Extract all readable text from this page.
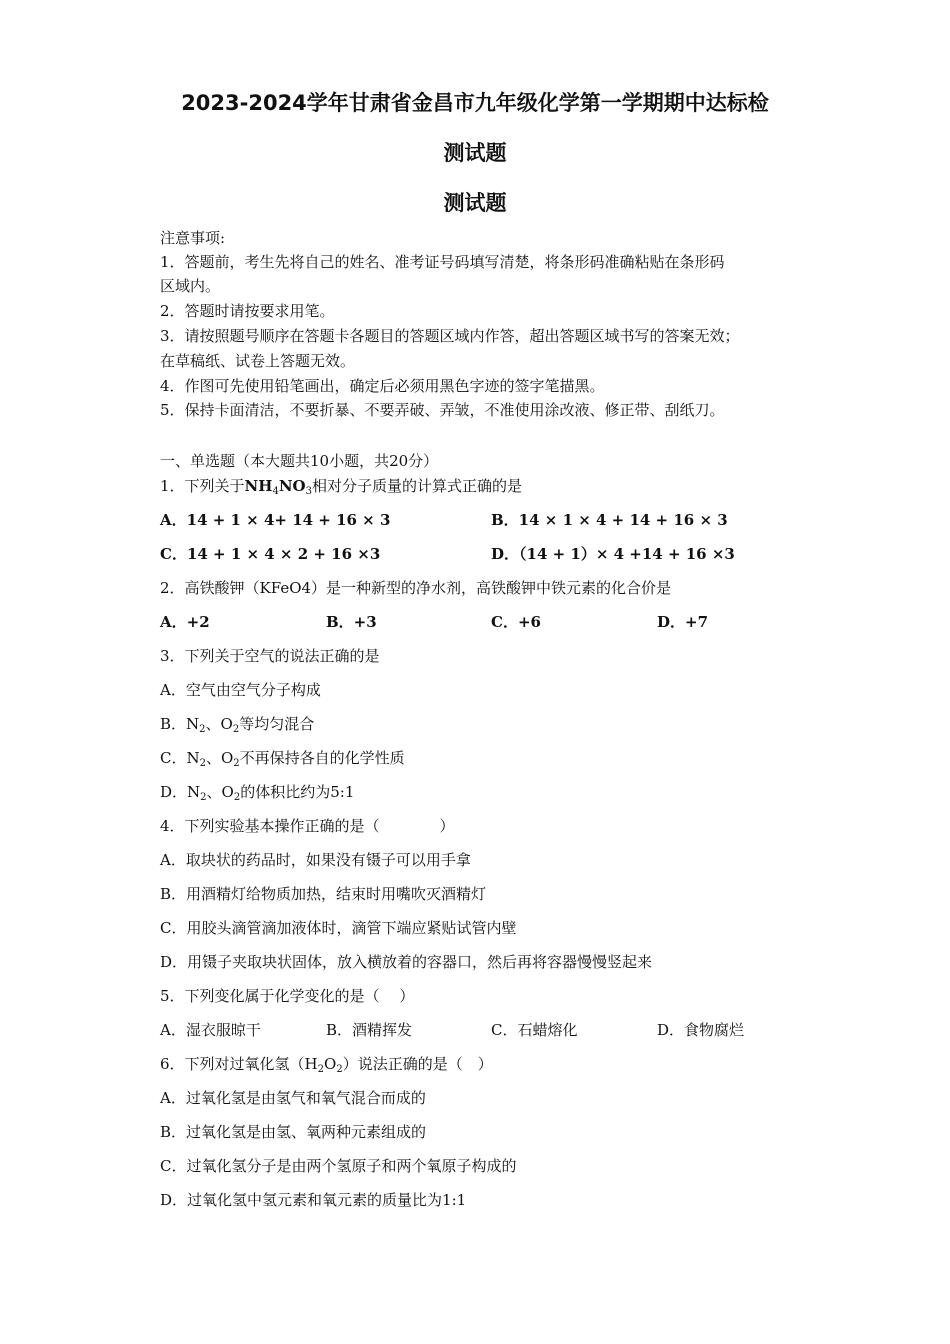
2023-2024学年甘肃省金昌市九年级化学第一学期期中达标检
测试题
测试题
注意事项:
1．答题前，考生先将自己的姓名、准考证号码填写清楚，将条形码准确粘贴在条形码
区域内。
2．答题时请按要求用笔。
3．请按照题号顺序在答题卡各题目的答题区域内作答，超出答题区域书写的答案无效；
在草稿纸、试卷上答题无效。
4．作图可先使用铅笔画出，确定后必须用黑色字迹的签字笔描黑。
5．保持卡面清洁，不要折暴、不要弄破、弄皱，不准使用涂改液、修正带、刮纸刀。
一、单选题（本大题共10小题，共20分）
1．下列关于$NH_4NO_3$相对分子质量的计算式正确的是
A．14 + 1 × 4+ 14 + 16 × 3	B．14 × 1 × 4 + 14 + 16 × 3
C．14 + 1 × 4 × 2 + 16 ×3	D．（14 + 1）× 4 +14 + 16 ×3
2．高铁酸钾（KFeO4）是一种新型的净水剂，高铁酸钾中铁元素的化合价是
A．+2	B．+3	C．+6	D．+7
3．下列关于空气的说法正确的是
A．空气由空气分子构成
B．$N_2$、$O_2$等均匀混合
C．$N_2$、$O_2$不再保持各自的化学性质
D．$N_2$、$O_2$的体积比约为5:1
4．下列实验基本操作正确的是（　　　　）
A．取块状的药品时，如果没有镊子可以用手拿
B．用酒精灯给物质加热，结束时用嘴吹灭酒精灯
C．用胶头滴管滴加液体时，滴管下端应紧贴试管内壁
D．用镊子夹取块状固体，放入横放着的容器口，然后再将容器慢慢竖起来
5．下列变化属于化学变化的是（　 ）
A．湿衣服晾干	B．酒精挥发	C．石蜡熔化	D．食物腐烂
6．下列对过氧化氢$(H_2O_2)$说法正确的是（　）
A．过氧化氢是由氢气和氧气混合而成的
B．过氧化氢是由氢、氧两种元素组成的
C．过氧化氢分子是由两个氢原子和两个氧原子构成的
D．过氧化氢中氢元素和氧元素的质量比为1:1
